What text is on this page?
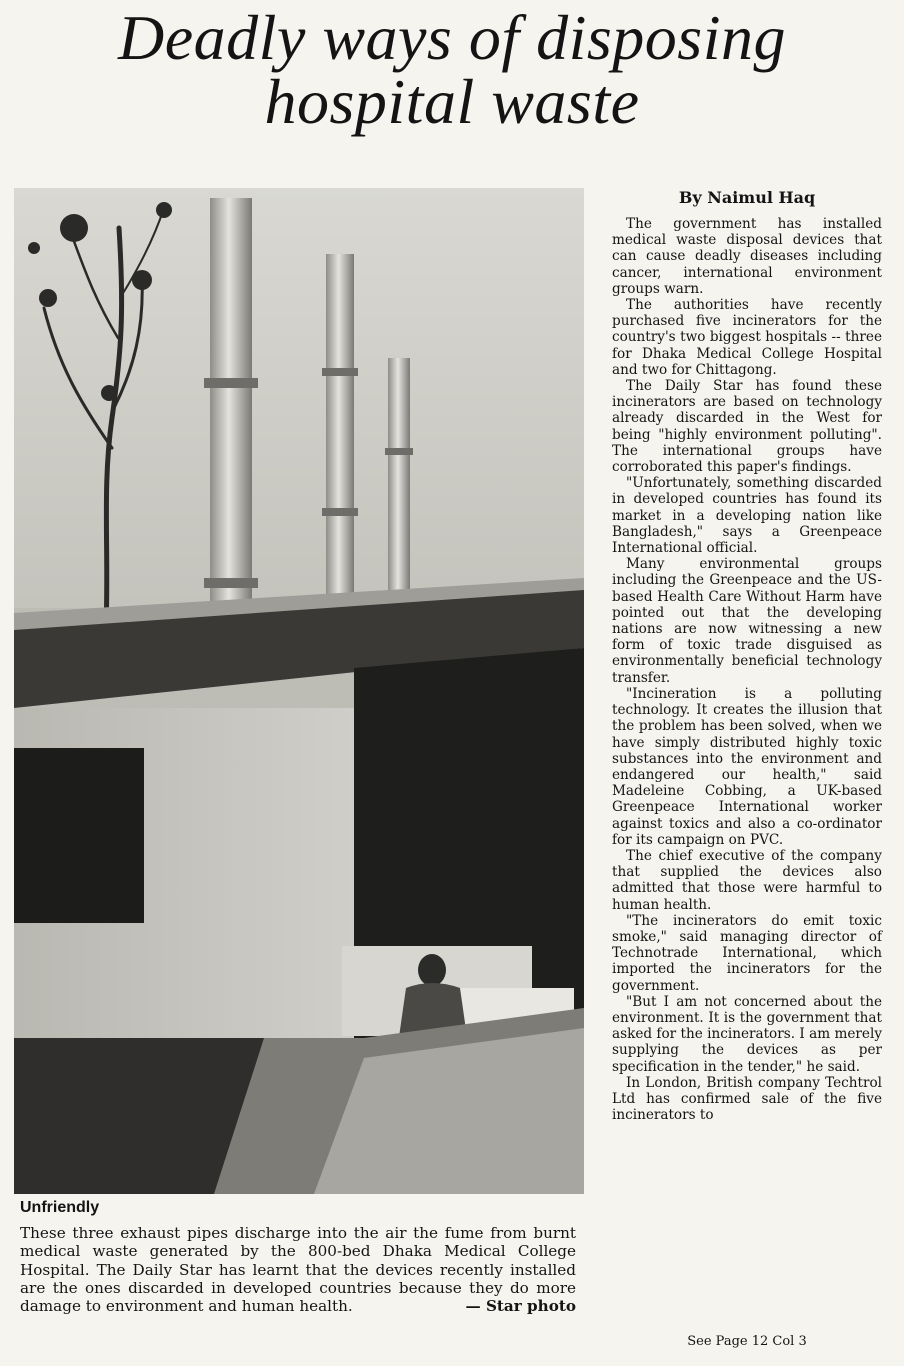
Deadly ways of disposing
hospital waste
Unfriendly
These three exhaust pipes discharge into the air the fume from burnt medical waste generated by the 800-bed Dhaka Medical College Hospital. The Daily Star has learnt that the devices recently installed are the ones discarded in developed countries because they do more damage to environment and human health.	— Star photo
By Naimul Haq

The government has installed medical waste disposal devices that can cause deadly diseases including cancer, international environment groups warn.

The authorities have recently purchased five incinerators for the country's two biggest hospitals -- three for Dhaka Medical College Hospital and two for Chittagong.

The Daily Star has found these incinerators are based on technology already discarded in the West for being "highly environment polluting". The international groups have corroborated this paper's findings.

"Unfortunately, something discarded in developed countries has found its market in a developing nation like Bangladesh," says a Greenpeace International official.

Many environmental groups including the Greenpeace and the US-based Health Care Without Harm have pointed out that the developing nations are now witnessing a new form of toxic trade disguised as environmentally beneficial technology transfer.

"Incineration is a polluting technology. It creates the illusion that the problem has been solved, when we have simply distributed highly toxic substances into the environment and endangered our health," said Madeleine Cobbing, a UK-based Greenpeace International worker against toxics and also a co-ordinator for its campaign on PVC.

The chief executive of the company that supplied the devices also admitted that those were harmful to human health.

"The incinerators do emit toxic smoke," said managing director of Technotrade International, which imported the incinerators for the government.

"But I am not concerned about the environment. It is the government that asked for the incinerators. I am merely supplying the devices as per specification in the tender," he said.

In London, British company Techtrol Ltd has confirmed sale of the five incinerators to

See Page 12 Col 3
